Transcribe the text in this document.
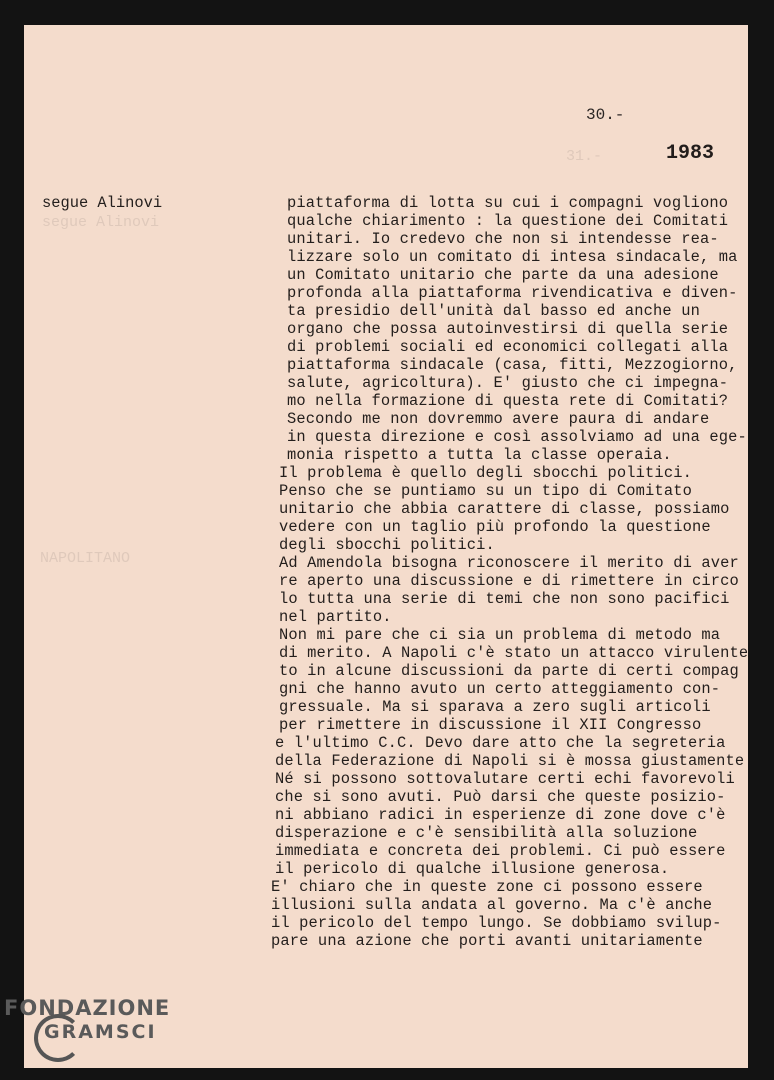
31.-
segue Alinovi
NAPOLITANO
30.-
1983
segue Alinovi	piattaforma di lotta su cui i compagni vogliono
qualche chiarimento : la questione dei Comitati
unitari. Io credevo che non si intendesse rea-
lizzare solo un comitato di intesa sindacale, ma
un Comitato unitario che parte da una adesione
profonda alla piattaforma rivendicativa e diven-
ta presidio dell'unità dal basso ed anche un
organo che possa autoinvestirsi di quella serie
di problemi sociali ed economici collegati alla
piattaforma sindacale (casa, fitti, Mezzogiorno,
salute, agricoltura). E' giusto che ci impegna-
mo nella formazione di questa rete di Comitati?
Secondo me non dovremmo avere paura di andare
in questa direzione e così assolviamo ad una ege-
monia rispetto a tutta la classe operaia.
Il problema è quello degli sbocchi politici.
Penso che se puntiamo su un tipo di Comitato
unitario che abbia carattere di classe, possiamo
vedere con un taglio più profondo la questione
degli sbocchi politici.
Ad Amendola bisogna riconoscere il merito di aver
re aperto una discussione e di rimettere in circo
lo tutta una serie di temi che non sono pacifici
nel partito.
Non mi pare che ci sia un problema di metodo ma
di merito. A Napoli c'è stato un attacco virulente
to in alcune discussioni da parte di certi compag
gni che hanno avuto un certo atteggiamento con-
gressuale. Ma si sparava a zero sugli articoli
per rimettere in discussione il XII Congresso
e l'ultimo C.C. Devo dare atto che la segreteria
della Federazione di Napoli si è mossa giustamente
Né si possono sottovalutare certi echi favorevoli
che si sono avuti. Può darsi che queste posizio-
ni abbiano radici in esperienze di zone dove c'è
disperazione e c'è sensibilità alla soluzione
immediata e concreta dei problemi. Ci può essere
il pericolo di qualche illusione generosa.
E' chiaro che in queste zone ci possono essere
illusioni sulla andata al governo. Ma c'è anche
il pericolo del tempo lungo. Se dobbiamo svilup-
pare una azione che porti avanti unitariamente
FONDAZIONE
GRAMSCI
